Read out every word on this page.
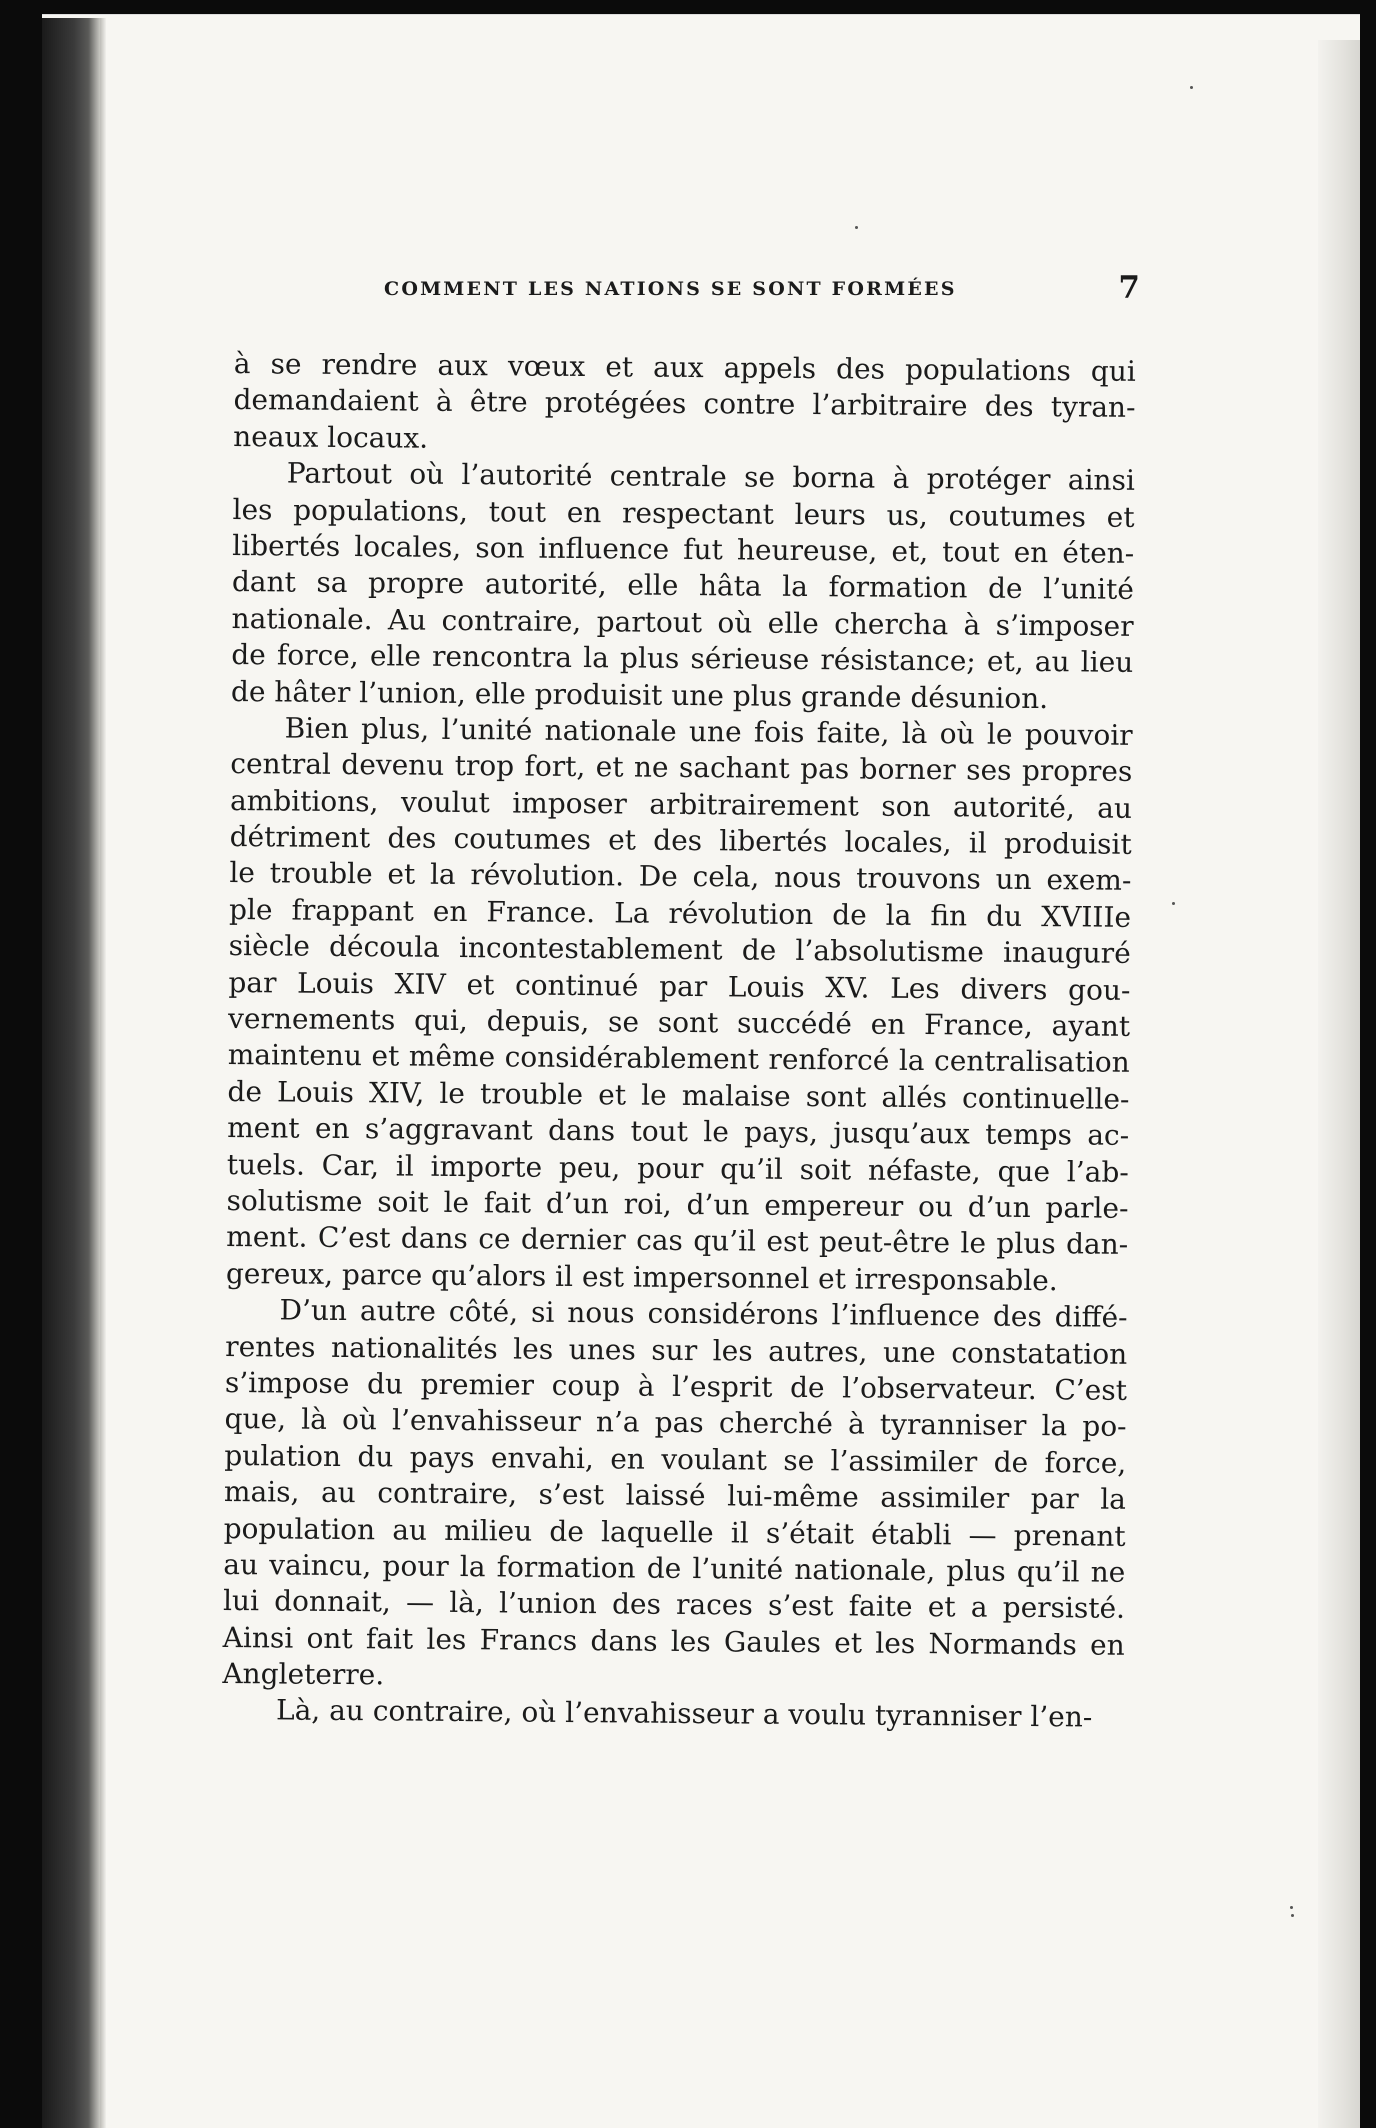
COMMENT LES NATIONS SE SONT FORMÉES	7
à se rendre aux vœux et aux appels des populations qui
demandaient à être protégées contre l’arbitraire des tyran-
neaux locaux.
Partout où l’autorité centrale se borna à protéger ainsi
les populations, tout en respectant leurs us, coutumes et
libertés locales, son influence fut heureuse, et, tout en éten-
dant sa propre autorité, elle hâta la formation de l’unité
nationale. Au contraire, partout où elle chercha à s’imposer
de force, elle rencontra la plus sérieuse résistance; et, au lieu
de hâter l’union, elle produisit une plus grande désunion.
Bien plus, l’unité nationale une fois faite, là où le pouvoir
central devenu trop fort, et ne sachant pas borner ses propres
ambitions, voulut imposer arbitrairement son autorité, au
détriment des coutumes et des libertés locales, il produisit
le trouble et la révolution. De cela, nous trouvons un exem-
ple frappant en France. La révolution de la fin du XVIIIe
siècle découla incontestablement de l’absolutisme inauguré
par Louis XIV et continué par Louis XV. Les divers gou-
vernements qui, depuis, se sont succédé en France, ayant
maintenu et même considérablement renforcé la centralisation
de Louis XIV, le trouble et le malaise sont allés continuelle-
ment en s’aggravant dans tout le pays, jusqu’aux temps ac-
tuels. Car, il importe peu, pour qu’il soit néfaste, que l’ab-
solutisme soit le fait d’un roi, d’un empereur ou d’un parle-
ment. C’est dans ce dernier cas qu’il est peut-être le plus dan-
gereux, parce qu’alors il est impersonnel et irresponsable.
D’un autre côté, si nous considérons l’influence des diffé-
rentes nationalités les unes sur les autres, une constatation
s’impose du premier coup à l’esprit de l’observateur. C’est
que, là où l’envahisseur n’a pas cherché à tyranniser la po-
pulation du pays envahi, en voulant se l’assimiler de force,
mais, au contraire, s’est laissé lui-même assimiler par la
population au milieu de laquelle il s’était établi — prenant
au vaincu, pour la formation de l’unité nationale, plus qu’il ne
lui donnait, — là, l’union des races s’est faite et a persisté.
Ainsi ont fait les Francs dans les Gaules et les Normands en
Angleterre.
Là, au contraire, où l’envahisseur a voulu tyranniser l’en-
